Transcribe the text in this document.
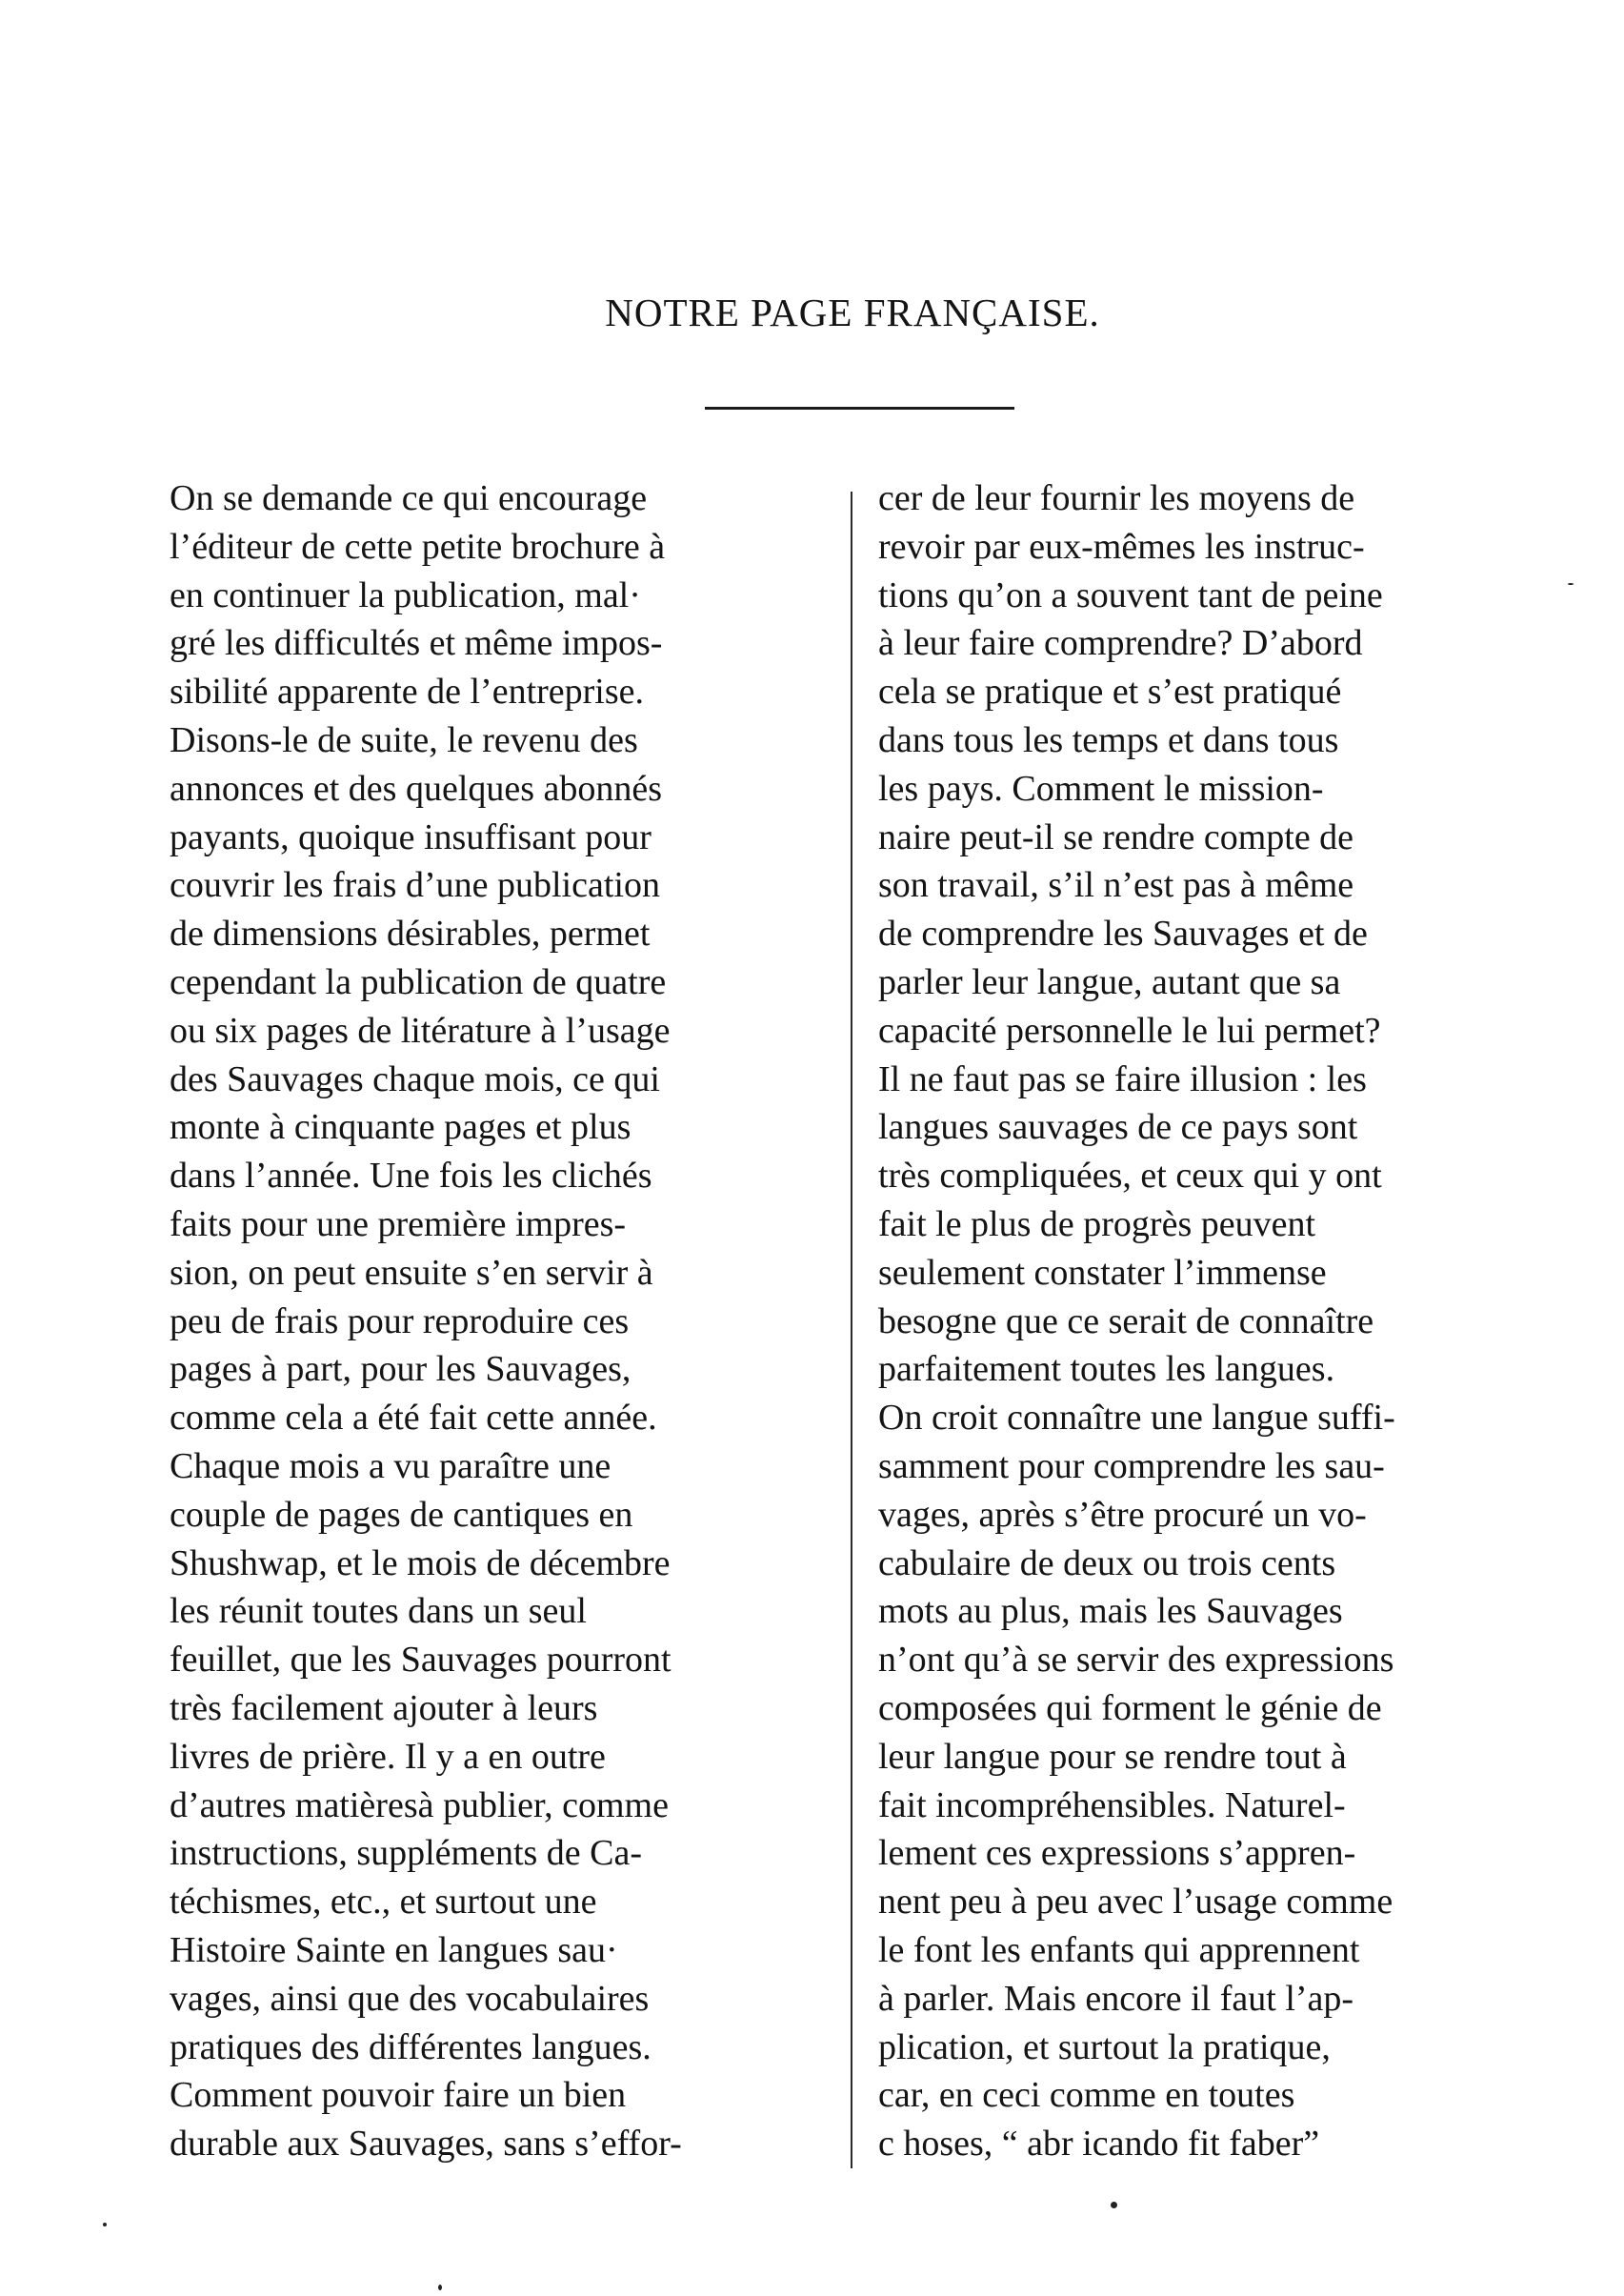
NOTRE PAGE FRANÇAISE.
On se demande ce qui encourage
l’éditeur de cette petite brochure à
en continuer la publication, mal·
gré les difficultés et même impos-
sibilité apparente de l’entreprise.
Disons-le de suite, le revenu des
annonces et des quelques abonnés
payants, quoique insuffisant pour
couvrir les frais d’une publication
de dimensions désirables, permet
cependant la publication de quatre
ou six pages de litérature à l’usage
des Sauvages chaque mois, ce qui
monte à cinquante pages et plus
dans l’année. Une fois les clichés
faits pour une première impres-
sion, on peut ensuite s’en servir à
peu de frais pour reproduire ces
pages à part, pour les Sauvages,
comme cela a été fait cette année.
Chaque mois a vu paraître une
couple de pages de cantiques en
Shushwap, et le mois de décembre
les réunit toutes dans un seul
feuillet, que les Sauvages pourront
très facilement ajouter à leurs
livres de prière. Il y a en outre
d’autres matièresà publier, comme
instructions, suppléments de Ca-
téchismes, etc., et surtout une
Histoire Sainte en langues sau·
vages, ainsi que des vocabulaires
pratiques des différentes langues.
Comment pouvoir faire un bien
durable aux Sauvages, sans s’effor-
cer de leur fournir les moyens de
revoir par eux-mêmes les instruc-
tions qu’on a souvent tant de peine
à leur faire comprendre? D’abord
cela se pratique et s’est pratiqué
dans tous les temps et dans tous
les pays. Comment le mission-
naire peut-il se rendre compte de
son travail, s’il n’est pas à même
de comprendre les Sauvages et de
parler leur langue, autant que sa
capacité personnelle le lui permet?
Il ne faut pas se faire illusion : les
langues sauvages de ce pays sont
très compliquées, et ceux qui y ont
fait le plus de progrès peuvent
seulement constater l’immense
besogne que ce serait de connaître
parfaitement toutes les langues.
On croit connaître une langue suffi-
samment pour comprendre les sau-
vages, après s’être procuré un vo-
cabulaire de deux ou trois cents
mots au plus, mais les Sauvages
n’ont qu’à se servir des expressions
composées qui forment le génie de
leur langue pour se rendre tout à
fait incompréhensibles. Naturel-
lement ces expressions s’appren-
nent peu à peu avec l’usage comme
le font les enfants qui apprennent
à parler. Mais encore il faut l’ap-
plication, et surtout la pratique,
car, en ceci comme en toutes
c hoses, “ abr icando fit faber”
